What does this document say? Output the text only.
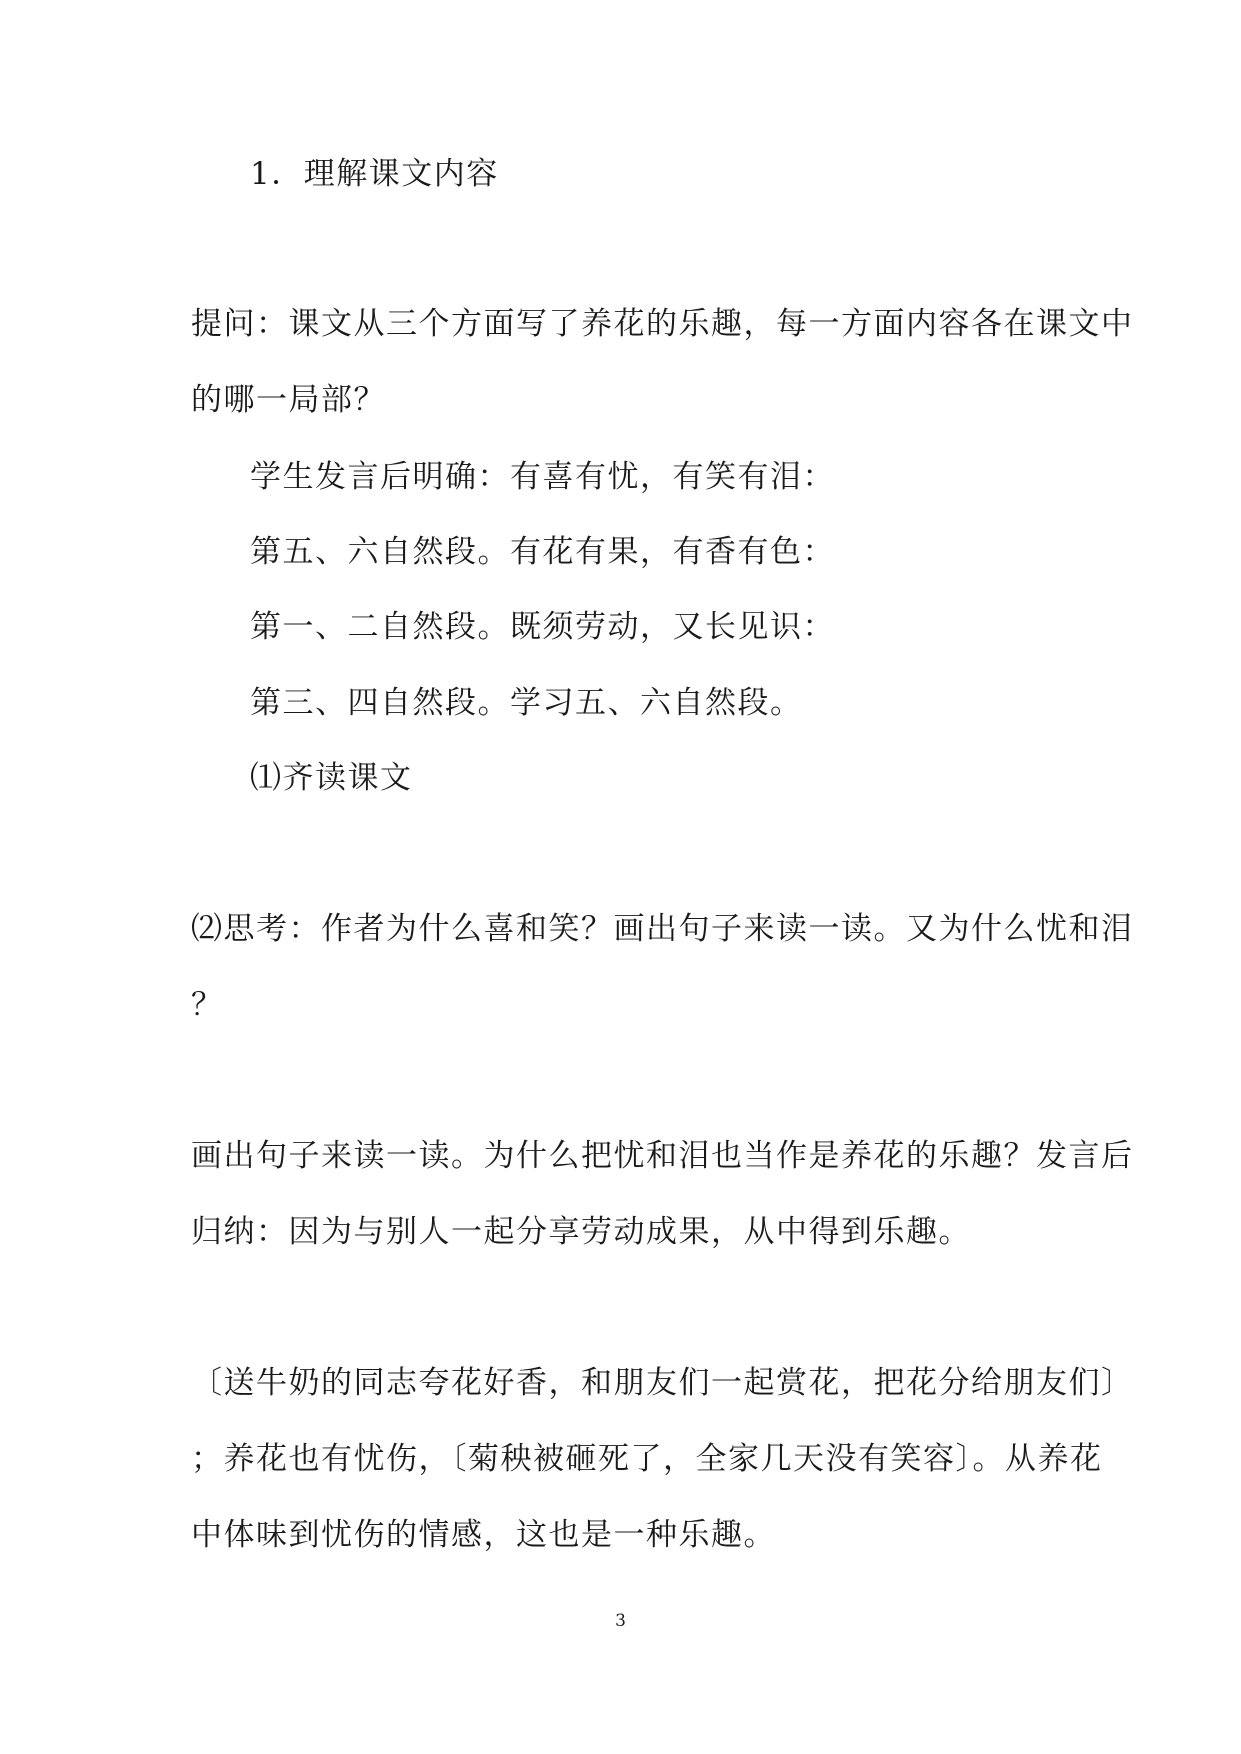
1．理解课文内容
提问：课文从三个方面写了养花的乐趣，每一方面内容各在课文中
的哪一局部？
学生发言后明确：有喜有忧，有笑有泪：
第五、六自然段。有花有果，有香有色：
第一、二自然段。既须劳动，又长见识：
第三、四自然段。学习五、六自然段。
⑴齐读课文
⑵思考：作者为什么喜和笑？画出句子来读一读。又为什么忧和泪
？
画出句子来读一读。为什么把忧和泪也当作是养花的乐趣？发言后
归纳：因为与别人一起分享劳动成果，从中得到乐趣。
〔送牛奶的同志夸花好香，和朋友们一起赏花，把花分给朋友们〕
；养花也有忧伤，〔菊秧被砸死了，全家几天没有笑容〕。从养花
中体味到忧伤的情感，这也是一种乐趣。
3
